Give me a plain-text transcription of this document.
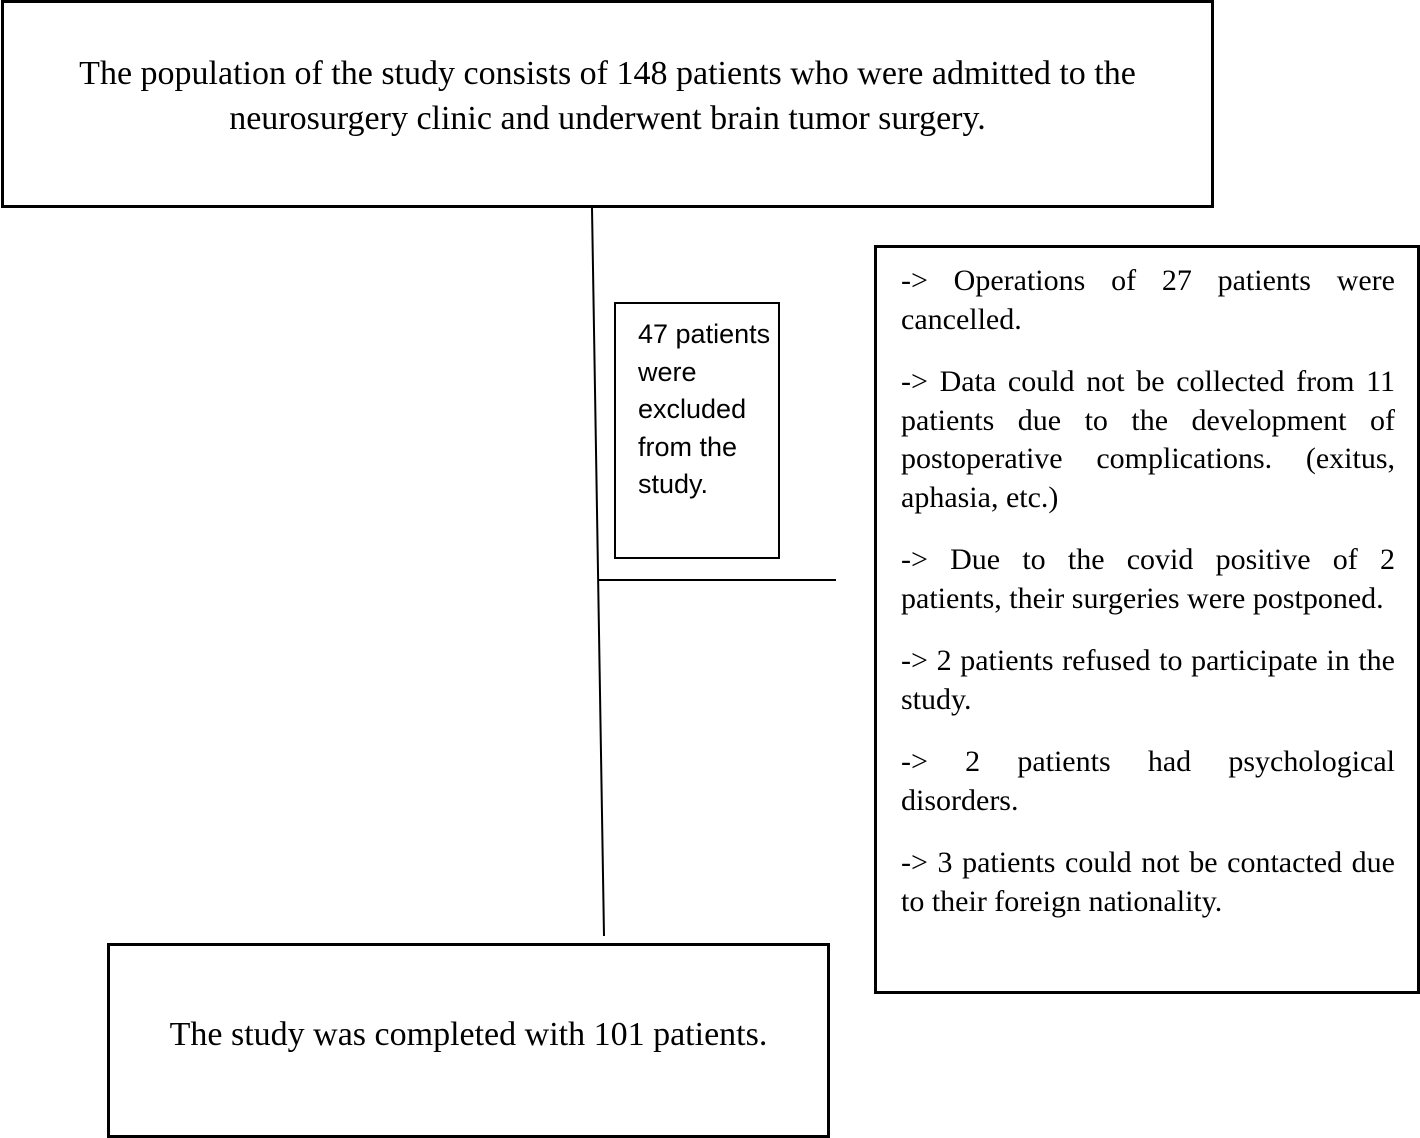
The population of the study consists of 148 patients who were admitted to the neurosurgery clinic and underwent brain tumor surgery.
47 patients were excluded from the study.
-> Operations of 27 patients were cancelled.
-> Data could not be collected from 11 patients due to the development of postoperative complications. (exitus, aphasia, etc.)
-> Due to the covid positive of 2 patients, their surgeries were postponed.
-> 2 patients refused to participate in the study.
-> 2 patients had psychological disorders.
-> 3 patients could not be contacted due to their foreign nationality.
The study was completed with 101 patients.
